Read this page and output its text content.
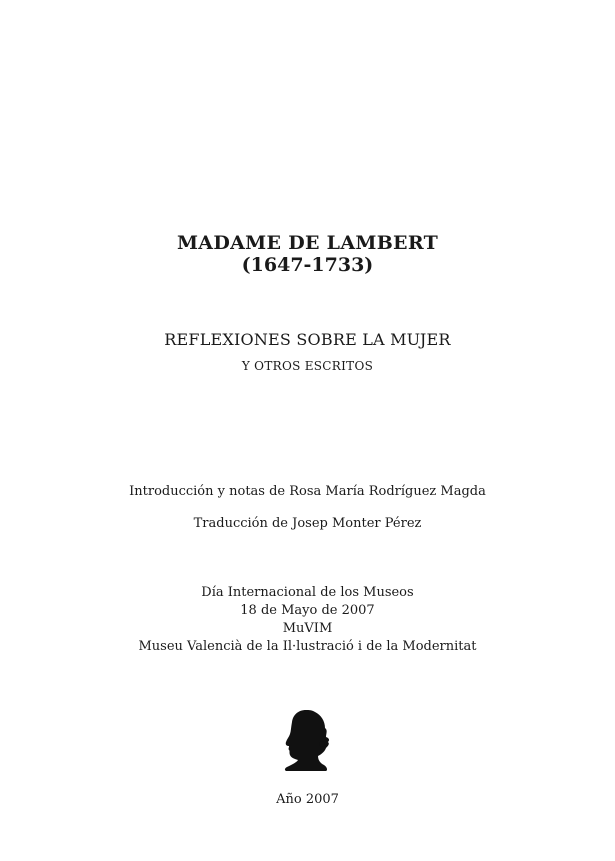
MADAME DE LAMBERT
(1647-1733)
REFLEXIONES SOBRE LA MUJER
Y OTROS ESCRITOS
Introducción y notas de Rosa María Rodríguez Magda
Traducción de Josep Monter Pérez
Día Internacional de los Museos
18 de Mayo de 2007
MuVIM
Museu Valencià de la Il·lustració i de la Modernitat
Año 2007
